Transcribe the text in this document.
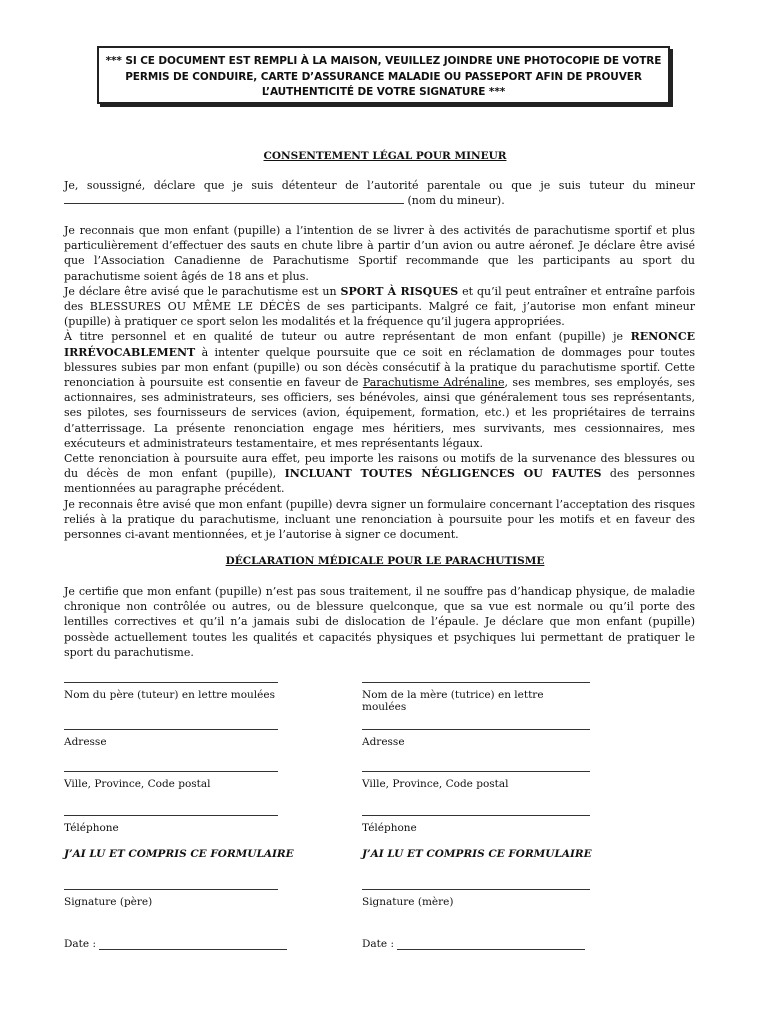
*** SI CE DOCUMENT EST REMPLI À LA MAISON, VEUILLEZ JOINDRE UNE PHOTOCOPIE DE VOTRE
PERMIS DE CONDUIRE, CARTE D’ASSURANCE MALADIE OU PASSEPORT AFIN DE PROUVER
L’AUTHENTICITÉ DE VOTRE SIGNATURE ***
CONSENTEMENT LÉGAL POUR MINEUR

Je, soussigné, déclare que je suis détenteur de l’autorité parentale ou que je suis tuteur du mineur (nom du mineur).

Je reconnais que mon enfant (pupille) a l’intention de se livrer à des activités de parachutisme sportif et plus particulièrement d’effectuer des sauts en chute libre à partir d’un avion ou autre aéronef. Je déclare être avisé que l’Association Canadienne de Parachutisme Sportif recommande que les participants au sport du parachutisme soient âgés de 18 ans et plus.

Je déclare être avisé que le parachutisme est un SPORT À RISQUES et qu’il peut entraîner et entraîne parfois des BLESSURES OU MÊME LE DÉCÈS de ses participants. Malgré ce fait, j’autorise mon enfant mineur (pupille) à pratiquer ce sport selon les modalités et la fréquence qu’il jugera appropriées.

À titre personnel et en qualité de tuteur ou autre représentant de mon enfant (pupille) je RENONCE IRRÉVOCABLEMENT à intenter quelque poursuite que ce soit en réclamation de dommages pour toutes blessures subies par mon enfant (pupille) ou son décès consécutif à la pratique du parachutisme sportif. Cette renonciation à poursuite est consentie en faveur de Parachutisme Adrénaline, ses membres, ses employés, ses actionnaires, ses administrateurs, ses officiers, ses bénévoles, ainsi que généralement tous ses représentants, ses pilotes, ses fournisseurs de services (avion, équipement, formation, etc.) et les propriétaires de terrains d’atterrissage. La présente renonciation engage mes héritiers, mes survivants, mes cessionnaires, mes exécuteurs et administrateurs testamentaire, et mes représentants légaux.

Cette renonciation à poursuite aura effet, peu importe les raisons ou motifs de la survenance des blessures ou du décès de mon enfant (pupille), INCLUANT TOUTES NÉGLIGENCES OU FAUTES des personnes mentionnées au paragraphe précédent.

Je reconnais être avisé que mon enfant (pupille) devra signer un formulaire concernant l’acceptation des risques reliés à la pratique du parachutisme, incluant une renonciation à poursuite pour les motifs et en faveur des personnes ci-avant mentionnées, et je l’autorise à signer ce document.

DÉCLARATION MÉDICALE POUR LE PARACHUTISME

Je certifie que mon enfant (pupille) n’est pas sous traitement, il ne souffre pas d’handicap physique, de maladie chronique non contrôlée ou autres, ou de blessure quelconque, que sa vue est normale ou qu’il porte des lentilles correctives et qu’il n’a jamais subi de dislocation de l’épaule. Je déclare que mon enfant (pupille) possède actuellement toutes les qualités et capacités physiques et psychiques lui permettant de pratiquer le sport du parachutisme.

Nom du père (tuteur) en lettre moulées	Nom de la mère (tutrice) en lettre moulées
Adresse	Adresse
Ville, Province, Code postal	Ville, Province, Code postal
Téléphone	Téléphone
J’AI LU ET COMPRIS CE FORMULAIRE	J’AI LU ET COMPRIS CE FORMULAIRE
Signature (père)	Signature (mère)
Date :	Date :
